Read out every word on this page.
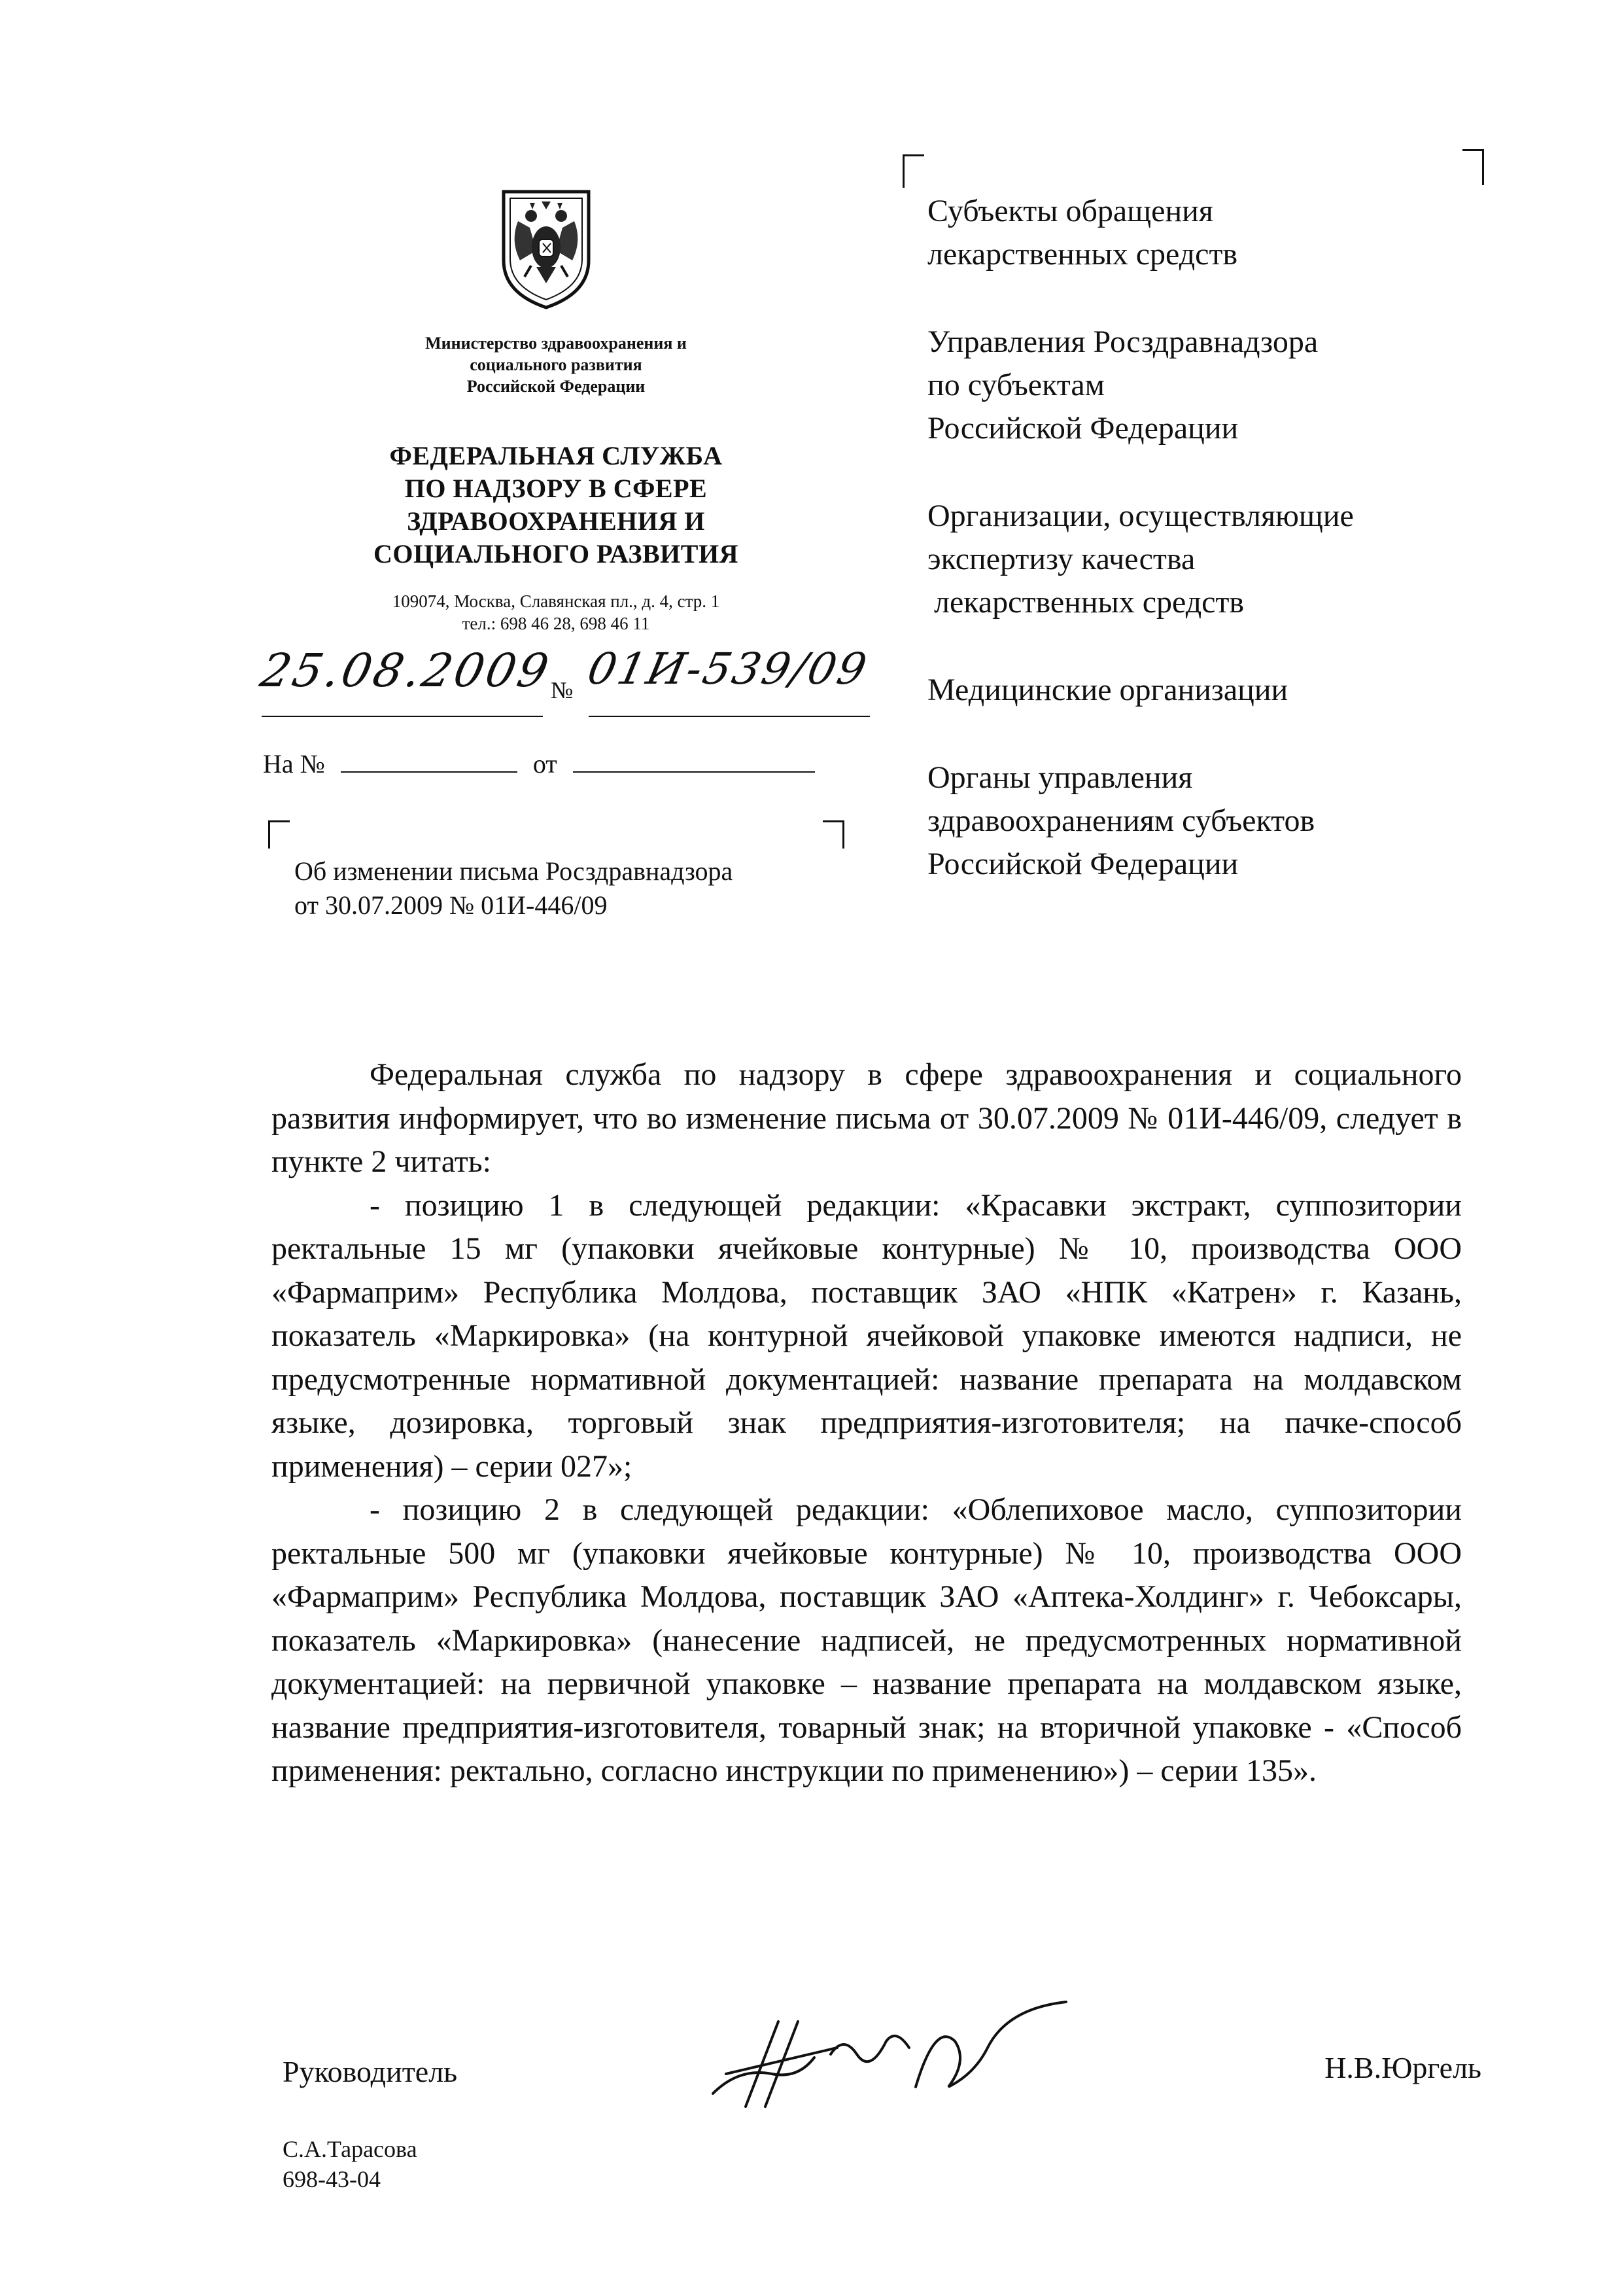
Министерство здравоохранения и
социального развития
Российской Федерации
ФЕДЕРАЛЬНАЯ СЛУЖБА
ПО НАДЗОРУ В СФЕРЕ
ЗДРАВООХРАНЕНИЯ И
СОЦИАЛЬНОГО РАЗВИТИЯ
109074, Москва, Славянская пл., д. 4, стр. 1
тел.: 698 46 28, 698 46 11
25.08.2009
№ 01И-539/09
На №	от
Об изменении письма Росздравнадзора
от 30.07.2009 № 01И-446/09
Субъекты обращения
лекарственных средств
Управления Росздравнадзора
по субъектам
Российской Федерации
Организации, осуществляющие
экспертизу качества
лекарственных средств
Медицинские организации
Органы управления
здравоохранениям субъектов
Российской Федерации

Федеральная служба по надзору в сфере здравоохранения и социального развития информирует, что во изменение письма от 30.07.2009 № 01И-446/09, следует в пункте 2 читать:

- позицию 1 в следующей редакции: «Красавки экстракт, суппозитории ректальные 15 мг (упаковки ячейковые контурные) № 10, производства ООО «Фармаприм» Республика Молдова, поставщик ЗАО «НПК «Катрен» г. Казань, показатель «Маркировка» (на контурной ячейковой упаковке имеются надписи, не предусмотренные нормативной документацией: название препарата на молдавском языке, дозировка, торговый знак предприятия-изготовителя; на пачке-способ применения) – серии 027»;

- позицию 2 в следующей редакции: «Облепиховое масло, суппозитории ректальные 500 мг (упаковки ячейковые контурные) № 10, производства ООО «Фармаприм» Республика Молдова, поставщик ЗАО «Аптека-Холдинг» г. Чебоксары, показатель «Маркировка» (нанесение надписей, не предусмотренных нормативной документацией: на первичной упаковке – название препарата на молдавском языке, название предприятия-изготовителя, товарный знак; на вторичной упаковке - «Способ применения: ректально, согласно инструкции по применению») – серии 135».

Руководитель	Н.В.Юргель
С.А.Тарасова
698-43-04
